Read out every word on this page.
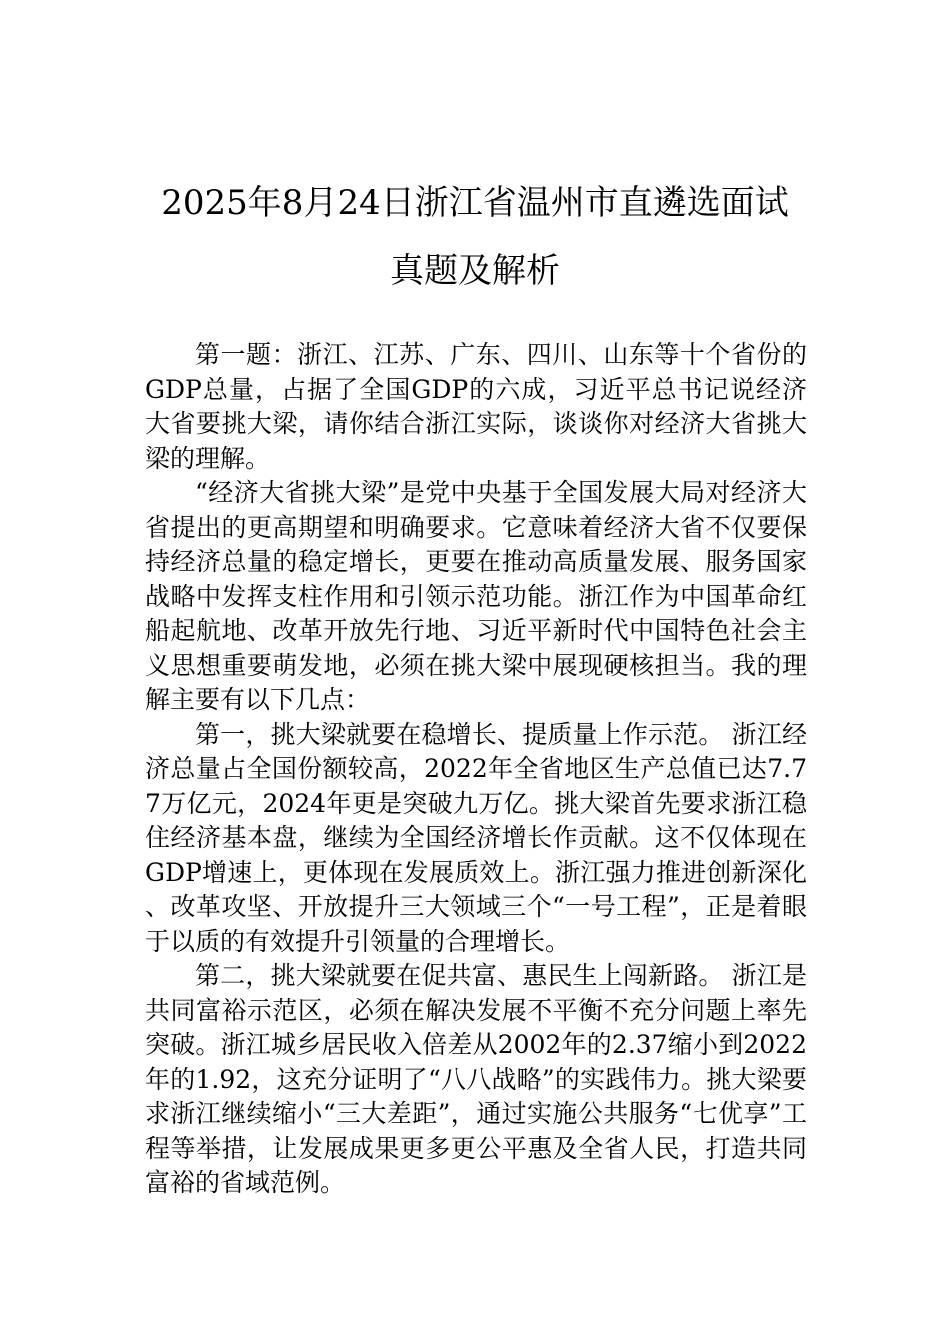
2025年8月24日浙江省温州市直遴选面试
真题及解析

第一题：浙江、江苏、广东、四川、山东等十个省份的GDP总量，占据了全国GDP的六成，习近平总书记说经济大省要挑大梁，请你结合浙江实际，谈谈你对经济大省挑大梁的理解。

“经济大省挑大梁”是党中央基于全国发展大局对经济大省提出的更高期望和明确要求。它意味着经济大省不仅要保持经济总量的稳定增长，更要在推动高质量发展、服务国家战略中发挥支柱作用和引领示范功能。浙江作为中国革命红船起航地、改革开放先行地、习近平新时代中国特色社会主义思想重要萌发地，必须在挑大梁中展现硬核担当。我的理解主要有以下几点：

第一，挑大梁就要在稳增长、提质量上作示范。 浙江经济总量占全国份额较高，2022年全省地区生产总值已达7.77万亿元，2024年更是突破九万亿。挑大梁首先要求浙江稳住经济基本盘，继续为全国经济增长作贡献。这不仅体现在GDP增速上，更体现在发展质效上。浙江强力推进创新深化、改革攻坚、开放提升三大领域三个“一号工程”，正是着眼于以质的有效提升引领量的合理增长。

第二，挑大梁就要在促共富、惠民生上闯新路。 浙江是共同富裕示范区，必须在解决发展不平衡不充分问题上率先突破。浙江城乡居民收入倍差从2002年的2.37缩小到2022年的1.92，这充分证明了“八八战略”的实践伟力。挑大梁要求浙江继续缩小“三大差距”，通过实施公共服务“七优享”工程等举措，让发展成果更多更公平惠及全省人民，打造共同富裕的省域范例。
